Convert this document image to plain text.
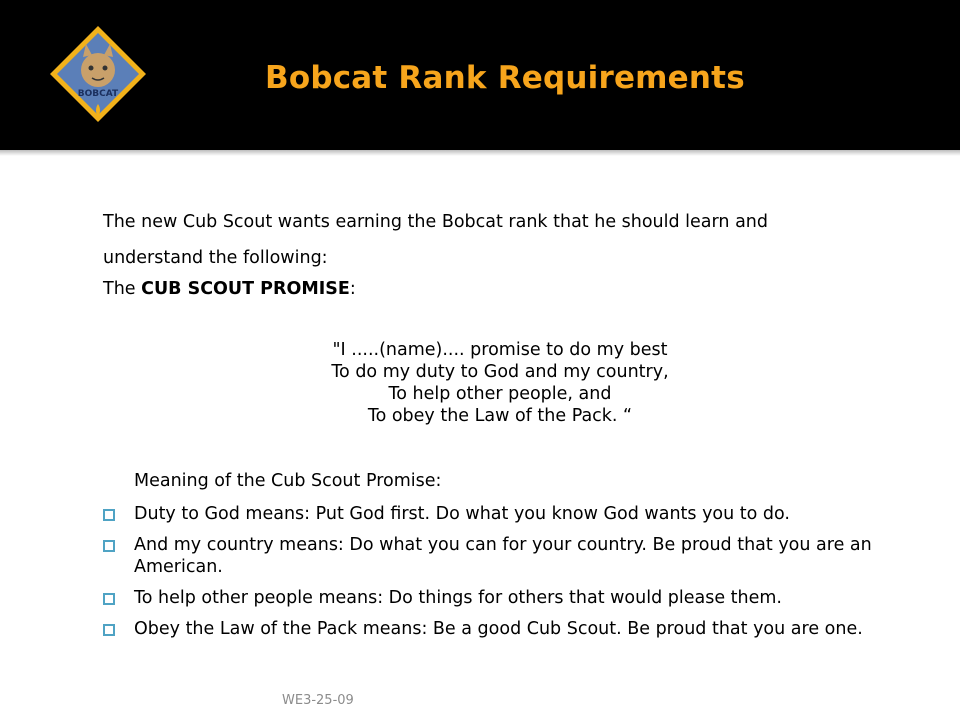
BOBCAT	Bobcat Rank Requirements
The new Cub Scout wants earning the Bobcat rank that he should learn and
understand the following:
The CUB SCOUT PROMISE:
"I .....(name).... promise to do my best
To do my duty to God and my country,
To help other people, and
To obey the Law of the Pack. “
Meaning of the Cub Scout Promise:
Duty to God means: Put God first. Do what you know God wants you to do.
And my country means: Do what you can for your country. Be proud that you are an American.
To help other people means: Do things for others that would please them.
Obey the Law of the Pack means: Be a good Cub Scout. Be proud that you are one.
WE3-25-09
